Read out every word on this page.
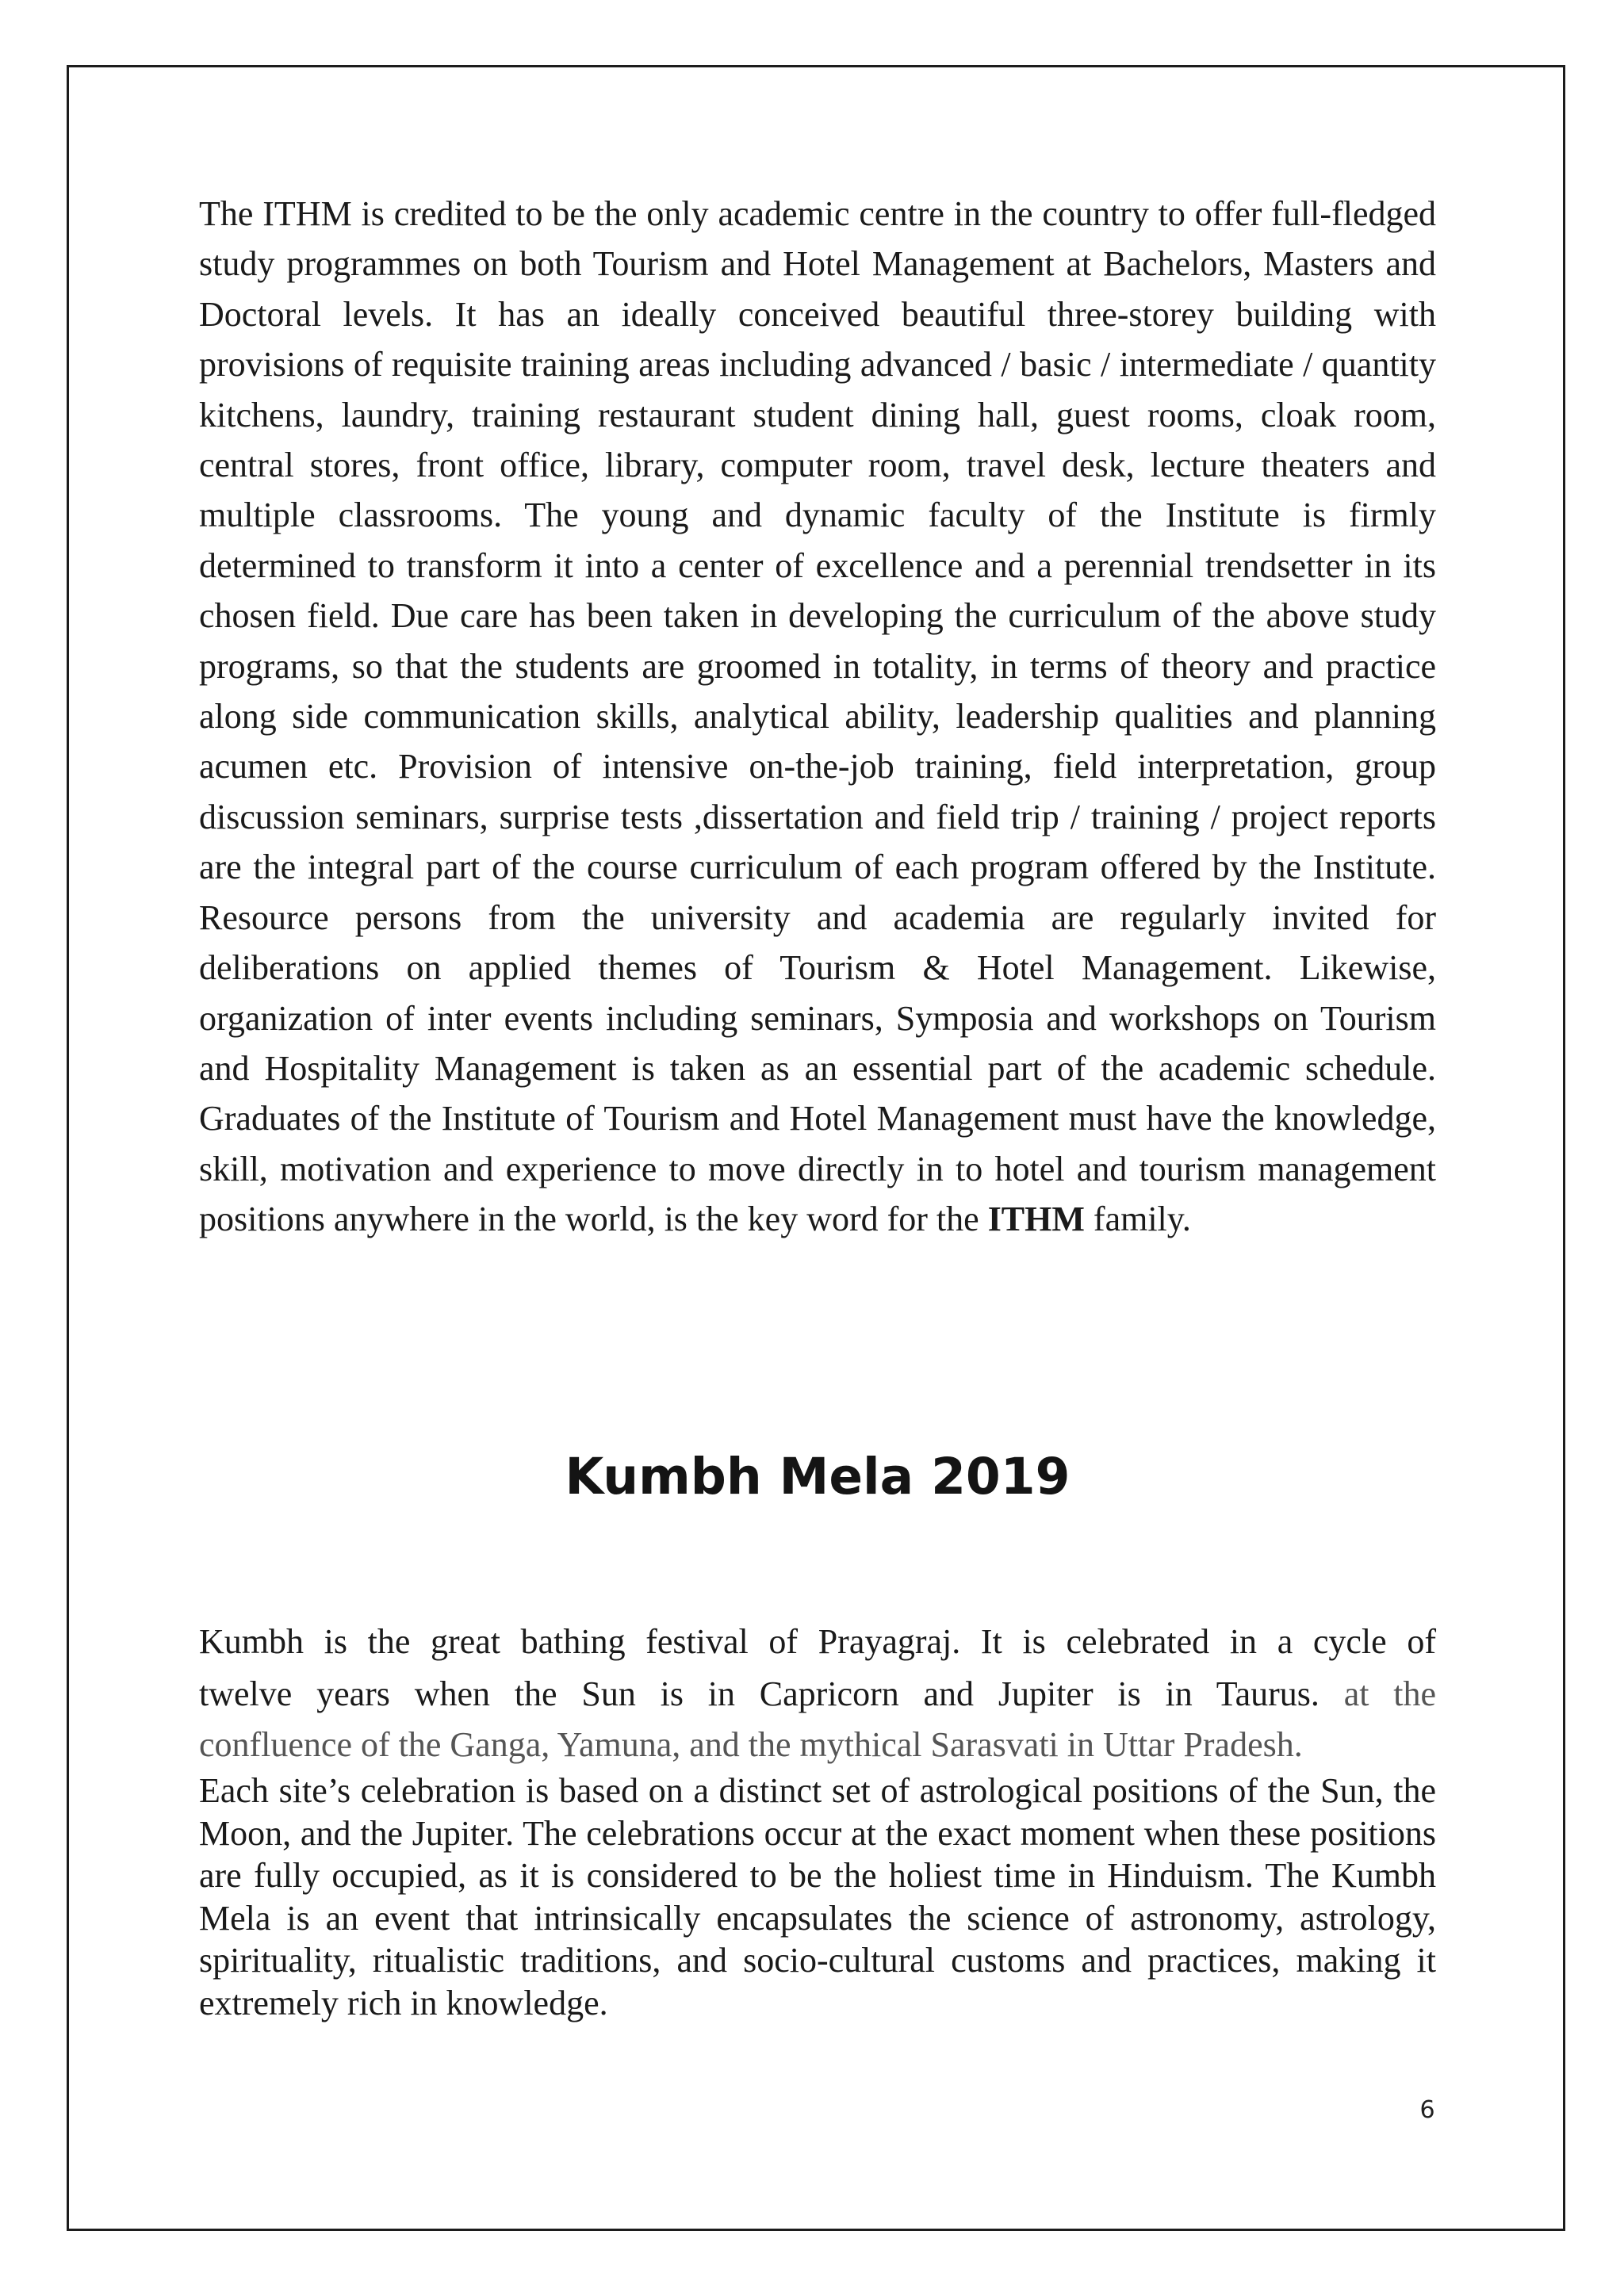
The ITHM is credited to be the only academic centre in the country to offer full-fledged study programmes on both Tourism and Hotel Management at Bachelors, Masters and Doctoral levels. It has an ideally conceived beautiful three-storey building with provisions of requisite training areas including advanced / basic / intermediate / quantity kitchens, laundry, training restaurant student dining hall, guest rooms, cloak room, central stores, front office, library, computer room, travel desk, lecture theaters and multiple classrooms. The young and dynamic faculty of the Institute is firmly determined to transform it into a center of excellence and a perennial trendsetter in its chosen field. Due care has been taken in developing the curriculum of the above study programs, so that the students are groomed in totality, in terms of theory and practice along side communication skills, analytical ability, leadership qualities and planning acumen etc. Provision of intensive on-the-job training, field interpretation, group discussion seminars, surprise tests ,dissertation and field trip / training / project reports are the integral part of the course curriculum of each program offered by the Institute. Resource persons from the university and academia are regularly invited for deliberations on applied themes of Tourism & Hotel Management. Likewise, organization of inter events including seminars, Symposia and workshops on Tourism and Hospitality Management is taken as an essential part of the academic schedule. Graduates of the Institute of Tourism and Hotel Management must have the knowledge, skill, motivation and experience to move directly in to hotel and tourism management positions anywhere in the world, is the key word for the ITHM family.

Kumbh Mela 2019

Kumbh is the great bathing festival of Prayagraj. It is celebrated in a cycle of

twelve years when the Sun is in Capricorn and Jupiter is in Taurus. at the

confluence of the Ganga, Yamuna, and the mythical Sarasvati in Uttar Pradesh.

Each site’s celebration is based on a distinct set of astrological positions of the Sun, the Moon, and the Jupiter. The celebrations occur at the exact moment when these positions are fully occupied, as it is considered to be the holiest time in Hinduism. The Kumbh Mela is an event that intrinsically encapsulates the science of astronomy, astrology, spirituality, ritualistic traditions, and socio-cultural customs and practices, making it extremely rich in knowledge.

6
